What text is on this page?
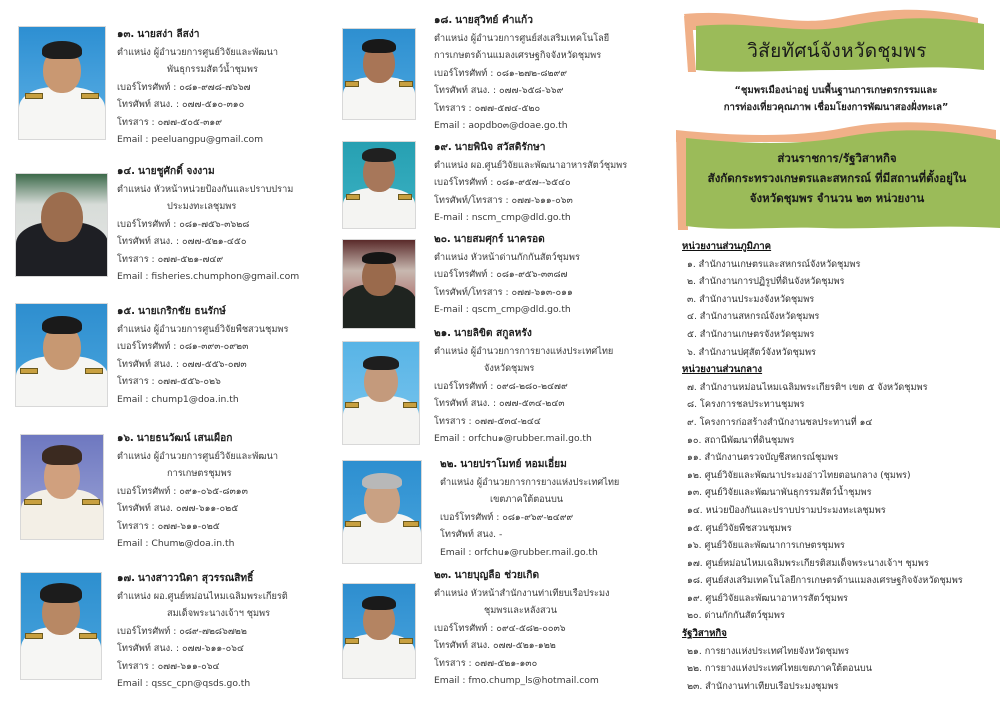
๑๓. นายสง่า ลีสง่า
ตำแหน่ง ผู้อำนวยการศูนย์วิจัยและพัฒนา
พันธุกรรมสัตว์น้ำชุมพร
เบอร์โทรศัพท์ : ๐๘๑-๙๗๘-๗๖๖๗
โทรศัพท์ สนง. : ๐๗๗-๕๑๐-๓๑๐
โทรสาร : ๐๗๗-๕๐๕-๓๑๙
Email : peeluangpu@gmail.com
๑๔. นายชูศักดิ์ จงงาม
ตำแหน่ง หัวหน้าหน่วยป้องกันและปราบปราม
ประมงทะเลชุมพร
เบอร์โทรศัพท์ : ๐๘๑-๗๕๖-๓๖๒๘
โทรศัพท์ สนง. : ๐๗๗-๕๒๑-๔๕๐
โทรสาร : ๐๗๗-๕๒๑-๗๔๙
Email : fisheries.chumphon@gmail.com
๑๕. นายเกริกชัย ธนรักษ์
ตำแหน่ง ผู้อำนวยการศูนย์วิจัยพืชสวนชุมพร
เบอร์โทรศัพท์ : ๐๘๑-๓๙๓-๐๙๒๓
โทรศัพท์ สนง. : ๐๗๗-๕๕๖-๐๗๓
โทรสาร : ๐๗๗-๕๕๖-๐๒๖
Email : chump1@doa.in.th
๑๖. นายธนวัฒน์ เสนเผือก
ตำแหน่ง ผู้อำนวยการศูนย์วิจัยและพัฒนา
การเกษตรชุมพร
เบอร์โทรศัพท์ : ๐๙๑-๐๖๕-๘๓๑๓
โทรศัพท์ สนง. ๐๗๗-๖๑๑-๐๒๕
โทรสาร : ๐๗๗-๖๑๑-๐๒๕
Email : Chum๒@doa.in.th
๑๗. นางสาววนิดา สุวรรณสิทธิ์
ตำแหน่ง ผอ.ศูนย์หม่อนไหมเฉลิมพระเกียรติ
สมเด็จพระนางเจ้าฯ ชุมพร
เบอร์โทรศัพท์ : ๐๘๙-๗๒๘๖๗๒๒
โทรศัพท์ สนง. : ๐๗๗-๖๑๑-๐๖๔
โทรสาร : ๐๗๗-๖๑๑-๐๖๔
Email : qssc_cpn@qsds.go.th
๑๘. นายสุวิทย์ คำแก้ว
ตำแหน่ง ผู้อำนวยการศูนย์ส่งเสริมเทคโนโลยี
การเกษตรด้านแมลงเศรษฐกิจจังหวัดชุมพร
เบอร์โทรศัพท์ : ๐๘๑-๒๗๒-๘๒๙๙
โทรศัพท์ สนง. : ๐๗๗-๖๕๘-๖๖๙
โทรสาร : ๐๗๗-๕๗๔-๕๒๐
Email : aopdbo๓@doae.go.th
๑๙. นายพินิจ สวัสดิรักษา
ตำแหน่ง ผอ.ศูนย์วิจัยและพัฒนาอาหารสัตว์ชุมพร
เบอร์โทรศัพท์ : ๐๘๑-๙๕๗--๖๕๔๐
โทรศัพท์/โทรสาร : ๐๗๗-๖๑๑-๐๖๓
E-mail : nscm_cmp@dld.go.th
๒๐. นายสมศุกร์ นาครอด
ตำแหน่ง หัวหน้าด่านกักกันสัตว์ชุมพร
เบอร์โทรศัพท์ : ๐๘๑-๙๕๖-๓๓๘๗
โทรศัพท์/โทรสาร : ๐๗๗-๖๑๓-๐๑๑
E-mail : qscm_cmp@dld.go.th
๒๑. นายลิขิต สกูลหรัง
ตำแหน่ง ผู้อำนวยการการยางแห่งประเทศไทย
จังหวัดชุมพร
เบอร์โทรศัพท์ : ๐๙๘-๒๘๐-๒๔๗๙
โทรศัพท์ สนง. : ๐๗๗-๕๓๔-๒๔๓
โทรสาร : ๐๗๗-๕๓๔-๒๔๔
Email : orfchu๑@rubber.mail.go.th
๒๒. นายปราโมทย์ หอมเอี่ยม
ตำแหน่ง ผู้อำนวยการการยางแห่งประเทศไทย
เขตภาคใต้ตอนบน
เบอร์โทรศัพท์ : ๐๘๑-๙๖๙-๒๔๙๙
โทรศัพท์ สนง. -
Email : orfchu๑@rubber.mail.go.th
๒๓. นายบุญลือ ช่วยเกิด
ตำแหน่ง หัวหน้าสำนักงานท่าเทียบเรือประมง
ชุมพรและหลังสวน
เบอร์โทรศัพท์ : ๐๙๔-๕๘๒-๐๐๓๖
โทรศัพท์ สนง. ๐๗๗-๕๒๑-๑๒๒
โทรสาร : ๐๗๗-๕๒๑-๑๓๐
Email : fmo.chump_ls@hotmail.com
วิสัยทัศน์จังหวัดชุมพร
“ชุมพรเมืองน่าอยู่ บนพื้นฐานการเกษตรกรรมและ
การท่องเที่ยวคุณภาพ เชื่อมโยงการพัฒนาสองฝั่งทะเล”
ส่วนราชการ/รัฐวิสาหกิจ
สังกัดกระทรวงเกษตรและสหกรณ์ ที่มีสถานที่ตั้งอยู่ใน
จังหวัดชุมพร จำนวน ๒๓ หน่วยงาน
หน่วยงานส่วนภูมิภาค
๑. สำนักงานเกษตรและสหกรณ์จังหวัดชุมพร
๒. สำนักงานการปฏิรูปที่ดินจังหวัดชุมพร
๓. สำนักงานประมงจังหวัดชุมพร
๔. สำนักงานสหกรณ์จังหวัดชุมพร
๕. สำนักงานเกษตรจังหวัดชุมพร
๖. สำนักงานปศุสัตว์จังหวัดชุมพร
หน่วยงานส่วนกลาง
๗. สำนักงานหม่อนไหมเฉลิมพระเกียรติฯ เขต ๕ จังหวัดชุมพร
๘. โครงการชลประทานชุมพร
๙. โครงการก่อสร้างสำนักงานชลประทานที่ ๑๔
๑๐. สถานีพัฒนาที่ดินชุมพร
๑๑. สำนักงานตรวจบัญชีสหกรณ์ชุมพร
๑๒. ศูนย์วิจัยและพัฒนาประมงอ่าวไทยตอนกลาง (ชุมพร)
๑๓. ศูนย์วิจัยและพัฒนาพันธุกรรมสัตว์น้ำชุมพร
๑๔. หน่วยป้องกันและปราบปรามประมงทะเลชุมพร
๑๕. ศูนย์วิจัยพืชสวนชุมพร
๑๖. ศูนย์วิจัยและพัฒนาการเกษตรชุมพร
๑๗. ศูนย์หม่อนไหมเฉลิมพระเกียรติสมเด็จพระนางเจ้าฯ ชุมพร
๑๘. ศูนย์ส่งเสริมเทคโนโลยีการเกษตรด้านแมลงเศรษฐกิจจังหวัดชุมพร
๑๙. ศูนย์วิจัยและพัฒนาอาหารสัตว์ชุมพร
๒๐. ด่านกักกันสัตว์ชุมพร
รัฐวิสาหกิจ
๒๑. การยางแห่งประเทศไทยจังหวัดชุมพร
๒๒. การยางแห่งประเทศไทยเขตภาคใต้ตอนบน
๒๓. สำนักงานท่าเทียบเรือประมงชุมพร
